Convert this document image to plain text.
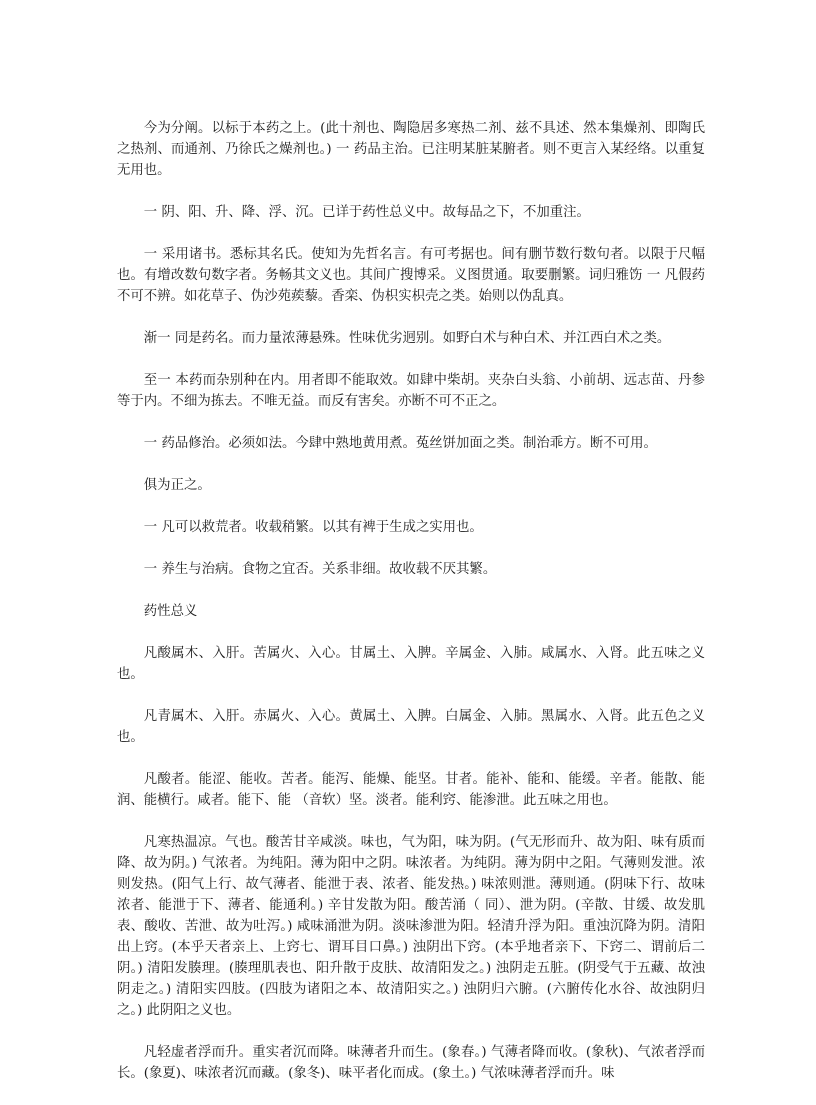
今为分阐。以标于本药之上。(此十剂也、陶隐居多寒热二剂、兹不具述、然本集燥剂、即陶氏之热剂、而通剂、乃徐氏之燥剂也。) 一 药品主治。已注明某脏某腑者。则不更言入某经络。以重复无用也。

一 阴、阳、升、降、浮、沉。已详于药性总义中。故每品之下，不加重注。

一 采用诸书。悉标其名氏。使知为先哲名言。有可考据也。间有删节数行数句者。以限于尺幅也。有增改数句数字者。务畅其文义也。其间广搜博采。义图贯通。取要删繁。词归雅饬 一 凡假药不可不辨。如花草子、伪沙苑蒺藜。香栾、伪枳实枳壳之类。始则以伪乱真。

渐一 同是药名。而力量浓薄悬殊。性味优劣迥别。如野白术与种白术、并江西白术之类。

至一 本药而杂别种在内。用者即不能取效。如肆中柴胡。夹杂白头翁、小前胡、远志苗、丹参等于内。不细为拣去。不唯无益。而反有害矣。亦断不可不正之。

一 药品修治。必须如法。今肆中熟地黄用煮。菟丝饼加面之类。制治乖方。断不可用。

俱为正之。

一 凡可以救荒者。收载稍繁。以其有裨于生成之实用也。

一 养生与治病。食物之宜否。关系非细。故收载不厌其繁。

药性总义

凡酸属木、入肝。苦属火、入心。甘属土、入脾。辛属金、入肺。咸属水、入肾。此五味之义也。

凡青属木、入肝。赤属火、入心。黄属土、入脾。白属金、入肺。黑属水、入肾。此五色之义也。

凡酸者。能涩、能收。苦者。能泻、能燥、能坚。甘者。能补、能和、能缓。辛者。能散、能润、能横行。咸者。能下、能 （音软）坚。淡者。能利窍、能渗泄。此五味之用也。

凡寒热温凉。气也。酸苦甘辛咸淡。味也，气为阳，味为阴。(气无形而升、故为阳、味有质而降、故为阴。) 气浓者。为纯阳。薄为阳中之阴。味浓者。为纯阴。薄为阴中之阳。气薄则发泄。浓则发热。(阳气上行、故气薄者、能泄于表、浓者、能发热。) 味浓则泄。薄则通。(阴味下行、故味浓者、能泄于下、薄者、能通利。) 辛甘发散为阳。酸苦涌（ 同）、泄为阴。(辛散、甘缓、故发肌表、酸收、苦泄、故为吐泻。) 咸味涌泄为阴。淡味渗泄为阳。轻清升浮为阳。重浊沉降为阴。清阳出上窍。(本乎天者亲上、上窍七、谓耳目口鼻。) 浊阴出下窍。(本乎地者亲下、下窍二、谓前后二阴。) 清阳发腠理。(腠理肌表也、阳升散于皮肤、故清阳发之。) 浊阴走五脏。(阴受气于五藏、故浊阴走之。) 清阳实四肢。(四肢为诸阳之本、故清阳实之。) 浊阴归六腑。(六腑传化水谷、故浊阴归之。) 此阴阳之义也。

凡轻虚者浮而升。重实者沉而降。味薄者升而生。(象春。) 气薄者降而收。(象秋)、气浓者浮而长。(象夏)、味浓者沉而藏。(象冬)、味平者化而成。(象土。) 气浓味薄者浮而升。味
